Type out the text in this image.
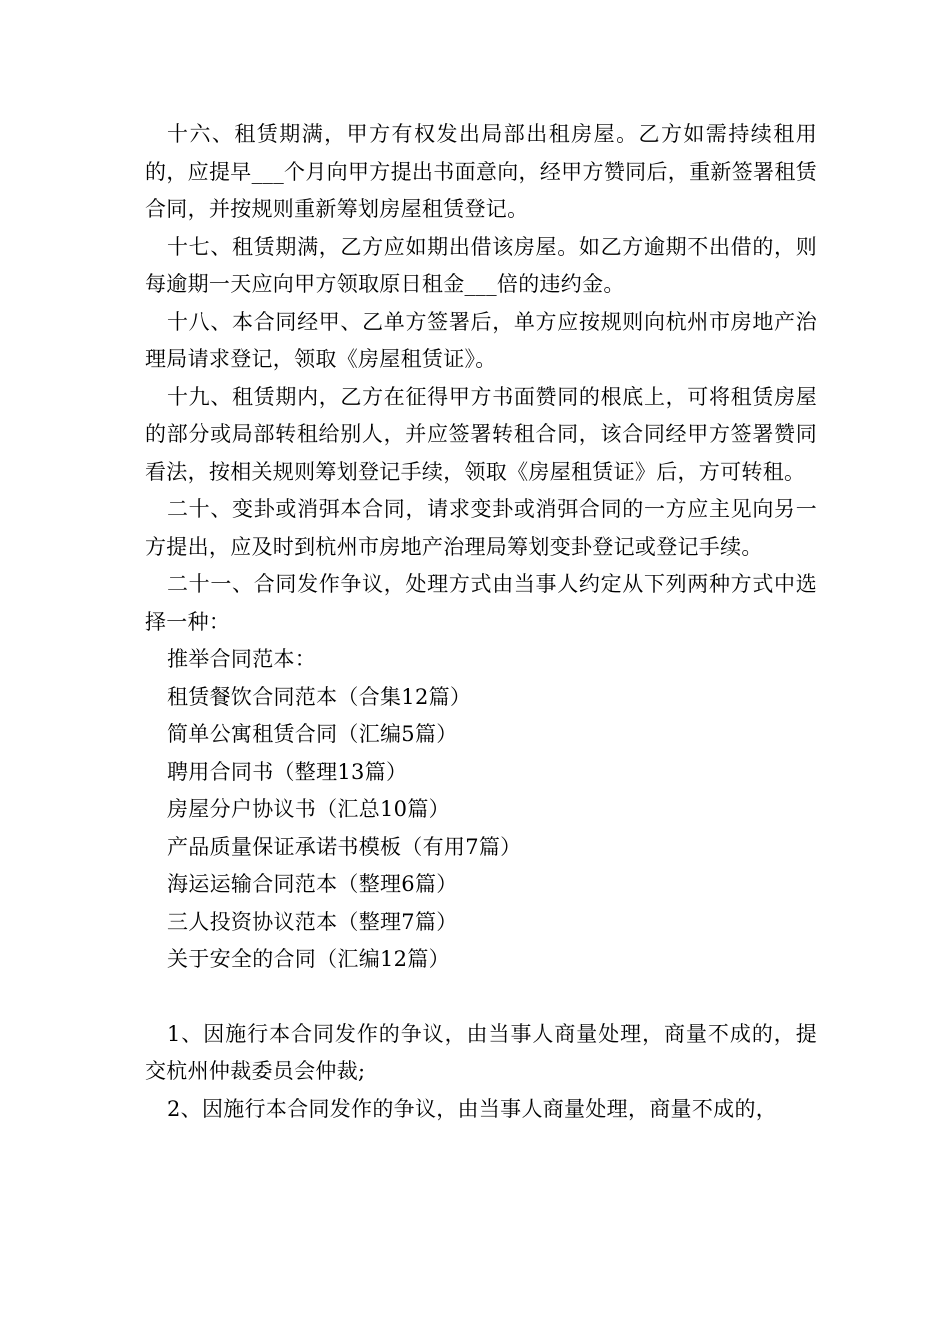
十六、租赁期满，甲方有权发出局部出租房屋。乙方如需持续租用的，应提早___个月向甲方提出书面意向，经甲方赞同后，重新签署租赁合同，并按规则重新筹划房屋租赁登记。

十七、租赁期满，乙方应如期出借该房屋。如乙方逾期不出借的，则每逾期一天应向甲方领取原日租金___倍的违约金。

十八、本合同经甲、乙单方签署后，单方应按规则向杭州市房地产治理局请求登记，领取《房屋租赁证》。

十九、租赁期内，乙方在征得甲方书面赞同的根底上，可将租赁房屋的部分或局部转租给别人，并应签署转租合同，该合同经甲方签署赞同看法，按相关规则筹划登记手续，领取《房屋租赁证》后，方可转租。

二十、变卦或消弭本合同，请求变卦或消弭合同的一方应主见向另一方提出，应及时到杭州市房地产治理局筹划变卦登记或登记手续。

二十一、合同发作争议，处理方式由当事人约定从下列两种方式中选择一种：

推举合同范本：
租赁餐饮合同范本（合集12篇）
简单公寓租赁合同（汇编5篇）
聘用合同书（整理13篇）
房屋分户协议书（汇总10篇）
产品质量保证承诺书模板（有用7篇）
海运运输合同范本（整理6篇）
三人投资协议范本（整理7篇）
关于安全的合同（汇编12篇）

1、因施行本合同发作的争议，由当事人商量处理，商量不成的，提交杭州仲裁委员会仲裁;

2、因施行本合同发作的争议，由当事人商量处理，商量不成的，
